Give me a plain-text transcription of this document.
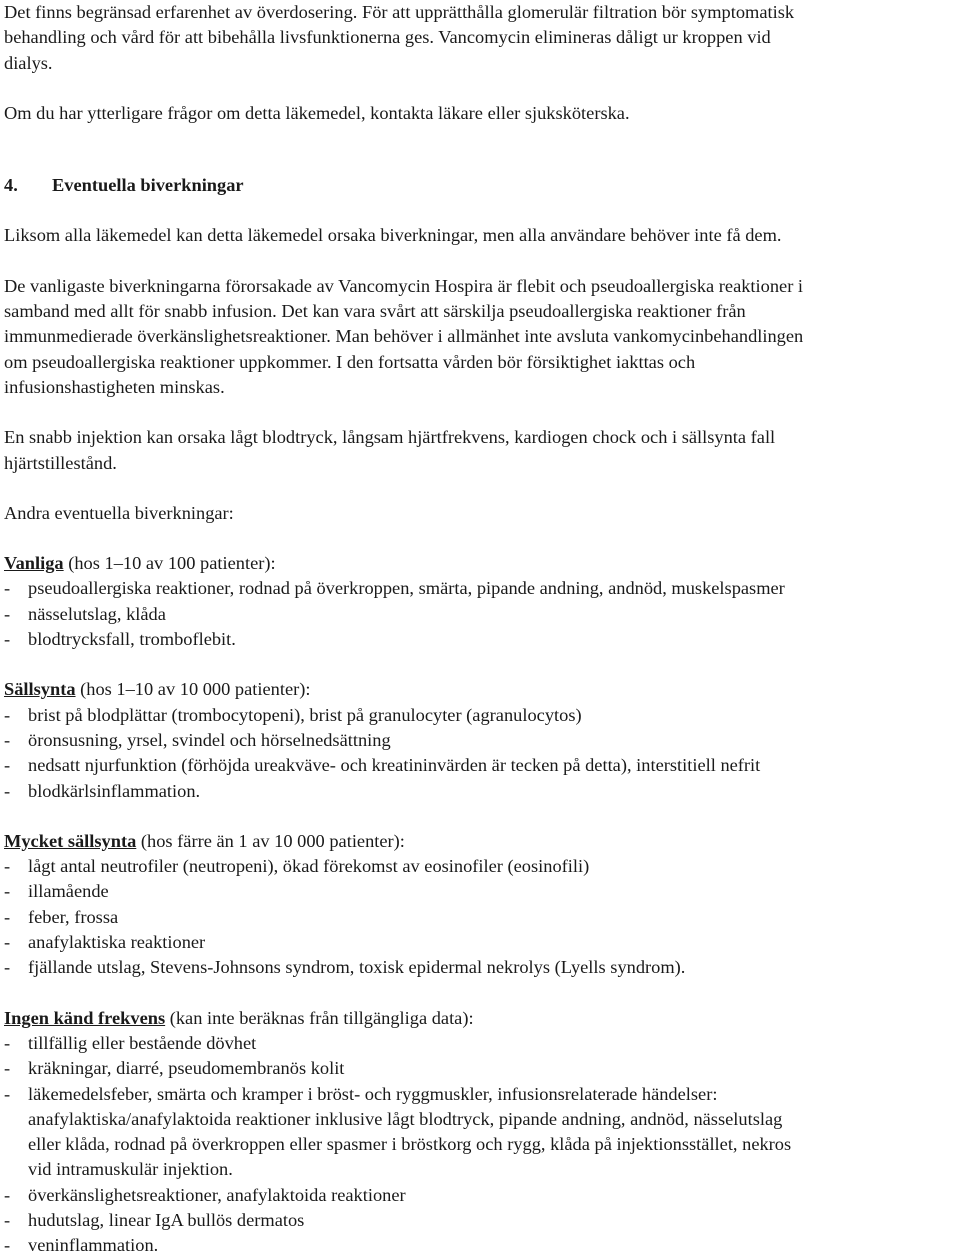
Det finns begränsad erfarenhet av överdosering. För att upprätthålla glomerulär filtration bör symptomatisk

behandling och vård för att bibehålla livsfunktionerna ges. Vancomycin elimineras dåligt ur kroppen vid

dialys.

Om du har ytterligare frågor om detta läkemedel, kontakta läkare eller sjuksköterska.

4. Eventuella biverkningar

Liksom alla läkemedel kan detta läkemedel orsaka biverkningar, men alla användare behöver inte få dem.

De vanligaste biverkningarna förorsakade av Vancomycin Hospira är flebit och pseudoallergiska reaktioner i

samband med allt för snabb infusion. Det kan vara svårt att särskilja pseudoallergiska reaktioner från

immunmedierade överkänslighetsreaktioner. Man behöver i allmänhet inte avsluta vankomycinbehandlingen

om pseudoallergiska reaktioner uppkommer. I den fortsatta vården bör försiktighet iakttas och

infusionshastigheten minskas.

En snabb injektion kan orsaka lågt blodtryck, långsam hjärtfrekvens, kardiogen chock och i sällsynta fall

hjärtstillestånd.

Andra eventuella biverkningar:

Vanliga (hos 1–10 av 100 patienter):

- pseudoallergiska reaktioner, rodnad på överkroppen, smärta, pipande andning, andnöd, muskelspasmer
- nässelutslag, klåda
- blodtrycksfall, tromboflebit.

Sällsynta (hos 1–10 av 10 000 patienter):

- brist på blodplättar (trombocytopeni), brist på granulocyter (agranulocytos)
- öronsusning, yrsel, svindel och hörselnedsättning
- nedsatt njurfunktion (förhöjda ureakväve- och kreatininvärden är tecken på detta), interstitiell nefrit
- blodkärlsinflammation.

Mycket sällsynta (hos färre än 1 av 10 000 patienter):

- lågt antal neutrofiler (neutropeni), ökad förekomst av eosinofiler (eosinofili)
- illamående
- feber, frossa
- anafylaktiska reaktioner
- fjällande utslag, Stevens-Johnsons syndrom, toxisk epidermal nekrolys (Lyells syndrom).

Ingen känd frekvens (kan inte beräknas från tillgängliga data):

- tillfällig eller bestående dövhet
- kräkningar, diarré, pseudomembranös kolit
- läkemedelsfeber, smärta och kramper i bröst- och ryggmuskler, infusionsrelaterade händelser:
anafylaktiska/anafylaktoida reaktioner inklusive lågt blodtryck, pipande andning, andnöd, nässelutslag
eller klåda, rodnad på överkroppen eller spasmer i bröstkorg och rygg, klåda på injektionsstället, nekros
vid intramuskulär injektion.
- överkänslighetsreaktioner, anafylaktoida reaktioner
- hudutslag, linear IgA bullös dermatos
- veninflammation.
